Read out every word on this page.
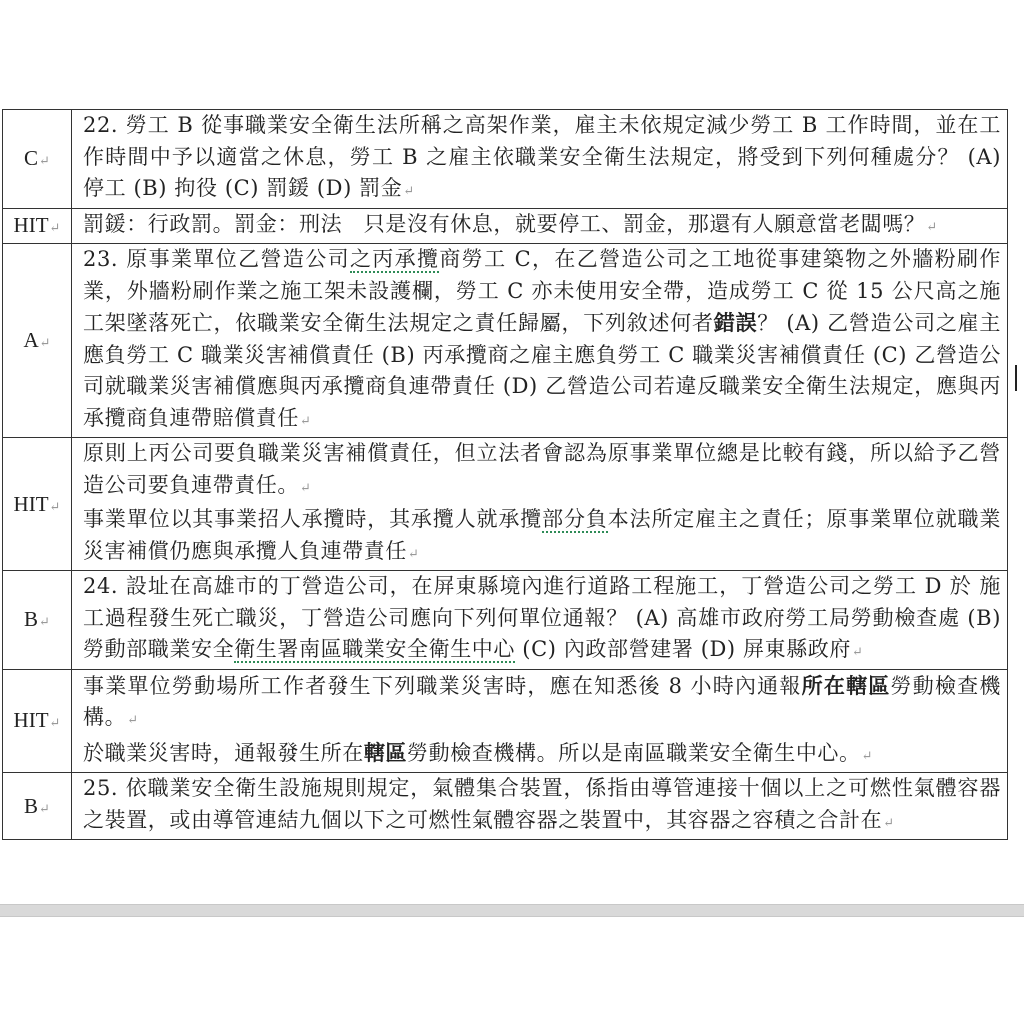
C↵	22. 勞工 B 從事職業安全衛生法所稱之高架作業，雇主未依規定減少勞工 B 工作時間，並在工作時間中予以適當之休息，勞工 B 之雇主依職業安全衛生法規定，將受到下列何種處分？ (A) 停工 (B) 拘役 (C) 罰鍰 (D) 罰金↵

HIT↵	罰鍰：行政罰。罰金：刑法　只是沒有休息，就要停工、罰金，那還有人願意當老闆嗎？↵

A↵	23. 原事業單位乙營造公司之丙承攬商勞工 C，在乙營造公司之工地從事建築物之外牆粉刷作業，外牆粉刷作業之施工架未設護欄，勞工 C 亦未使用安全帶，造成勞工 C 從 15 公尺高之施工架墜落死亡，依職業安全衛生法規定之責任歸屬，下列敘述何者錯誤？ (A) 乙營造公司之雇主應負勞工 C 職業災害補償責任 (B) 丙承攬商之雇主應負勞工 C 職業災害補償責任 (C) 乙營造公司就職業災害補償應與丙承攬商負連帶責任 (D) 乙營造公司若違反職業安全衛生法規定，應與丙承攬商負連帶賠償責任↵

HIT↵	原則上丙公司要負職業災害補償責任，但立法者會認為原事業單位總是比較有錢，所以給予乙營造公司要負連帶責任。↵
事業單位以其事業招人承攬時，其承攬人就承攬部分負本法所定雇主之責任；原事業單位就職業災害補償仍應與承攬人負連帶責任↵

B↵	24. 設址在高雄市的丁營造公司，在屏東縣境內進行道路工程施工，丁營造公司之勞工 D 於 施工過程發生死亡職災，丁營造公司應向下列何單位通報？ (A) 高雄市政府勞工局勞動檢查處 (B)勞動部職業安全衛生署南區職業安全衛生中心 (C) 內政部營建署 (D) 屏東縣政府↵

HIT↵	事業單位勞動場所工作者發生下列職業災害時，應在知悉後 8 小時內通報所在轄區勞動檢查機構。↵
於職業災害時，通報發生所在轄區勞動檢查機構。所以是南區職業安全衛生中心。↵

B↵	25. 依職業安全衛生設施規則規定，氣體集合裝置，係指由導管連接十個以上之可燃性氣體容器之裝置，或由導管連結九個以下之可燃性氣體容器之裝置中，其容器之容積之合計在↵
